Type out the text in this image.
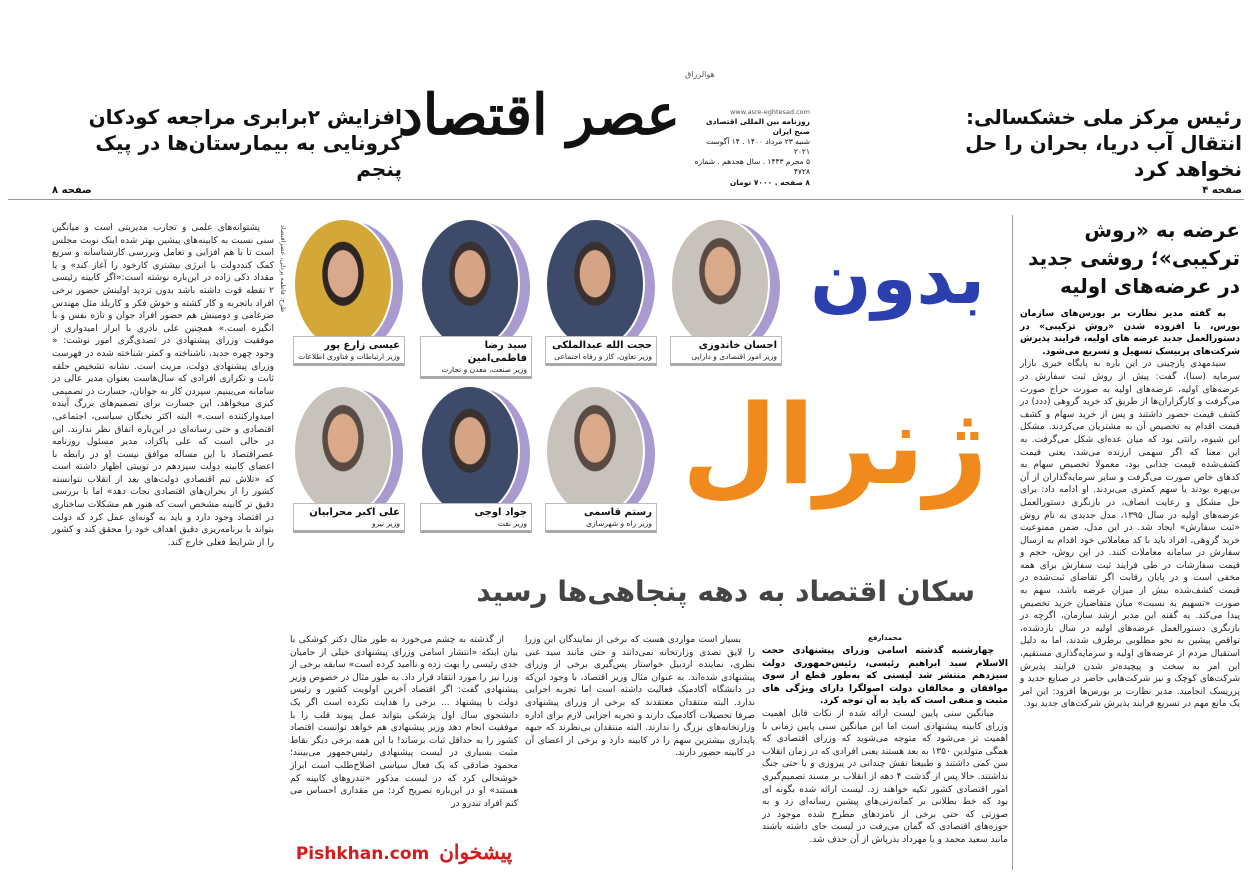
رئیس مرکز ملی خشکسالی: انتقال آب دریا، بحران را حل نخواهد کرد
صفحه ۴
عصر اقتصاد
هوالرزاق
www.asre-eghtesad.com
روزنامه بین المللی اقتصادی صبح ایران
شنبه ۲۳ مرداد ۱۴۰۰ . ۱۴ آگوست ۲۰۲۱
۵ محرم ۱۴۴۳ . سال هجدهم . شماره ۴۷۲۸
۸ صفحه . ۷۰۰۰ تومان
افزایش ۲برابری مراجعه کودکان کرونایی به بیمارستان‌ها در پیک پنجم
صفحه ۸
عرضه به «روش ترکیبی»؛ روشی جدید در عرضه‌های اولیه

به گفته مدیر نظارت بر بورس‌های سازمان بورس، با افزوده شدن «روش ترکیبی» در دستورالعمل جدید عرضه های اولیه، فرایند پذیرش شرکت‌های پربیسک تسهیل و تسریع می‌شود.

سیدمهدی پارچینی در این باره به پایگاه خبری بازار سرمایه (سنا)، گفت: پیش از روش ثبت سفارش در عرضه‌های اولیه، عرضه‌های اولیه به صورت حراج صورت می‌گرفت و کارگزاران‌ها از طریق کد خرید گروهی (ددد) در کشف قیمت حضور داشتند و پس از خرید سهام و کشف قیمت اقدام به تخصیص آن به مشتریان می‌کردند. مشکل این شیوه، رانتی بود که میان عده‌ای شکل می‌گرفت. به این معنا که اگر سهمی ارزنده می‌شد، یعنی قیمت کشف‌شده قیمت جذابی بود، معمولا تخصیص سهام به کدهای خاص صورت می‌گرفت و سایر سرمایه‌گذاران از آن بی‌بهره بودند یا سهم کمتری می‌بردند. او ادامه داد: برای حل مشکل و رعایت انصاف، در بازنگری دستورالعمل عرضه‌های اولیه در سال ۱۳۹۵، مدل جدیدی به نام روش «ثبت سفارش» ایجاد شد. در این مدل، ضمن ممنوعیت خرید گروهی، افراد باید با کد معاملاتی خود اقدام به ارسال سفارش در سامانه معاملات کنند. در این روش، حجم و قیمت سفارشات در طی فرایند ثبت سفارش برای همه مخفی است و در پایان رقابت اگر تقاضای ثبت‌شده در قیمت کشف‌شده بیش از میزان عرضه باشد، سهم به صورت «تسهیم به نسبت» میان متقاضیان خرید تخصیص پیدا می‌کند. به گفته این مدیر ارشد سازمان، اگرچه در بازنگری دستورالعمل عرضه‌های اولیه در سال بازدشده، تواقص پیشین به نحو مطلوبی برطرف شدند، اما به دلیل استقبال مردم از عرضه‌های اولیه و سرمایه‌گذاری مستقیم، این امر به سخت و پیچیده‌تر شدن فرایند پذیرش شرکت‌های کوچک و نیز شرکت‌هایی حاضر در صنایع جدید و پرریسک انجامید. مدیر نظارت بر بورس‌ها افزود: این امر یک مانع مهم در تسریع فرایند پذیرش شرکت‌های جدید بود.

پشتوانه‌های علمی و تجارب مدیریتی است و میانگین سنی نسبت به کابینه‌های پیشین بهتر شده اینک نوبت مجلس است تا با هم افزایی و تعامل وبررسی کارشناسانه و سریع کمک کنددولت با انرژی بیشتری کارخود را آغاز کند» و یا مقداد ذکی زاده در این‌باره نوشته است:«اگر کابینه رئیسی ۲ نقطه قوت داشته باشد بدون تردید اولینش حضور برخی افراد باتجربه و کار کشته و خوش فکر و کاربلد مثل مهندس ضرغامی و دومینش هم حضور افراد جوان و تازه نفس و با انگیزه است.» همچنین علی نادری با ابراز امیدواری از موفقیت وزرای پیشنهادی در تصدی‌گری امور نوشت: « وجود چهره جدید، ناشناخته و کمتر شناخته شده در فهرست وزرای پیشنهادی دولت، مزیت است. نشانه تشخیص حلقه ثابت و تکراری افرادی که سال‌هاست بعنوان مدیر عالی در سامانه می‌بینیم. سپردن کار به جوانان، جسارت در تصمیمی کبری میخواهد، این جسارت برای تصمیم‌های بزرگ آینده امیدوارکننده است.» البته اکثر نخبگان سیاسی، اجتماعی، اقتصادی و حتی رسانه‌ای در این‌باره اتفاق نظر ندارند. این در حالی است که علی پاکزاد، مدیر مسئول روزنامه عصراقتصاد با این مساله موافق نیست او در رابطه با اعضای کابینه دولت سیزدهم در توییتی اظهار داشته است که «تلاش تیم اقتصادی دولت‌های بعد از انقلاب نتوانسته کشور را از بحران‌های اقتصادی نجات دهد» اما با بررسی دقیق تر کابینه مشخص است که هنوز هم مشکلات ساختاری در اقتصاد وجود دارد و باید به گونه‌ای عمل کرد که دولت بتواند با برنامه‌ریزی دقیق اهداف خود را محقق کند و کشور را از شرایط فعلی خارج کند.

طرح: فاطمه پردلی، عصراقتصاد
احسان خاندوزی
وزیر امور اقتصادی و دارایی
حجت الله عبدالملکی
وزیر تعاون، کار و رفاه اجتماعی
سید رضا فاطمی‌امین
وزیر صنعت، معدن و تجارت
عیسی زارع پور
وزیر ارتباطات و فناوری اطلاعات
رستم قاسمی
وزیر راه و شهرسازی
جواد اوجی
وزیر نفت
علی اکبر محرابیان
وزیر نیرو
بدون
ژنرال
سکان اقتصاد به دهه پنجاهی‌ها رسید
محمدارفع

چهارشنبه گذشته اسامی وزرای پیشنهادی حجت الاسلام سید ابراهیم رئیسی، رئیس‌جمهوری دولت سیزدهم منتشر شد لیستی که به‌طور قطع از سوی موافقان و مخالفان دولت اصولگرا دارای ویژگی های مثبت و منفی است که باید به آن توجه کرد.

میانگین سنی پایین لیست ارائه شده از نکات قابل اهمیت وزرای کابینه پیشنهادی است اما این میانگین سنی پایین زمانی با اهمیت تر می‌شود که متوجه می‌شوید که وزرای اقتصادی که همگی متولدین ۱۳۵۰ به بعد هستند یعنی افرادی که در زمان انقلاب سن کمی داشتند و طبیعتا نقش چندانی در پیروزی و یا حتی جنگ نداشتند. حالا پس از گذشت ۴ دهه از انقلاب بر مسند تصمیم‌گیری امور اقتصادی کشور تکیه خواهند زد. لیست ارائه شده بگونه ای بود که خط بطلانی بر کمانه‌زنی‌های پیشین رسانه‌ای زد و به صورتی که حتی برخی از نامزدهای مطرح شده موجود در حوزه‌های اقتصادی که گمان می‌رفت در لیست جای داشته باشند مانند سعید محمد و یا مهرداد بذرپاش از آن حذف شد.

بسیار است مواردی هست که برخی از نمایندگان این وزرا را لایق تصدی وزارتخانه نمی‌دانند و حتی مانند سید غنی نظری، نماینده اردبیل خواستار پس‌گیری برخی از وزرای پیشنهادی شده‌اند. به عنوان مثال وزیر اقتصاد، با وجود این‌که در دانشگاه آکادمیک فعالیت داشته است اما تجربه اجرایی ندارد. البته منتقدان معتقدند که برخی از وزرای پیشنهادی صرفا تحصیلات آکادمیک دارند و تجربه اجرایی لازم برای اداره وزارتخانه‌های بزرگ را ندارند. البته منتقدان بی‌نظرند که جبهه پایداری بیشترین سهم را در کابینه دارد و برخی از اعضای آن در کابینه حضور دارند.

از گذشته به چشم می‌خورد به طور مثال دکتر کوشکی با بیان اینکه «انتشار اسامی وزرای پیشنهادی خیلی از حامیان جدی رئیسی را بهت زده و ناامید کرده است» سابقه برخی از وزرا نیز را مورد انتقاد قرار داد. به طور مثال در خصوص وزیر پیشنهادی گفت: اگر اقتصاد آخرین اولویت کشور و رئیس دولت با پیشنهاد ... برخی را هدایت نکرده است اگر یک دانشجوی سال اول پزشکی بتواند عمل پیوند قلب را با موفقیت انجام دهد وزیر پیشنهادی هم خواهد توانست اقتصاد کشور را به حداقل ثبات برساند! با این همه برخی دیگر نقاط مثبت بسیاری در لیست پیشنهادی رئیس‌جمهور می‌بینند؛ محمود صادقی که یک فعال سیاسی اصلاح‌طلب است ابراز خوشحالی کرد که در لیست مذکور «تندروهای کابینه کم هستند» او در این‌باره تصریح کرد: من مقداری احساس می کنم افراد تندرو در

Pishkhan.com پیشخوان
